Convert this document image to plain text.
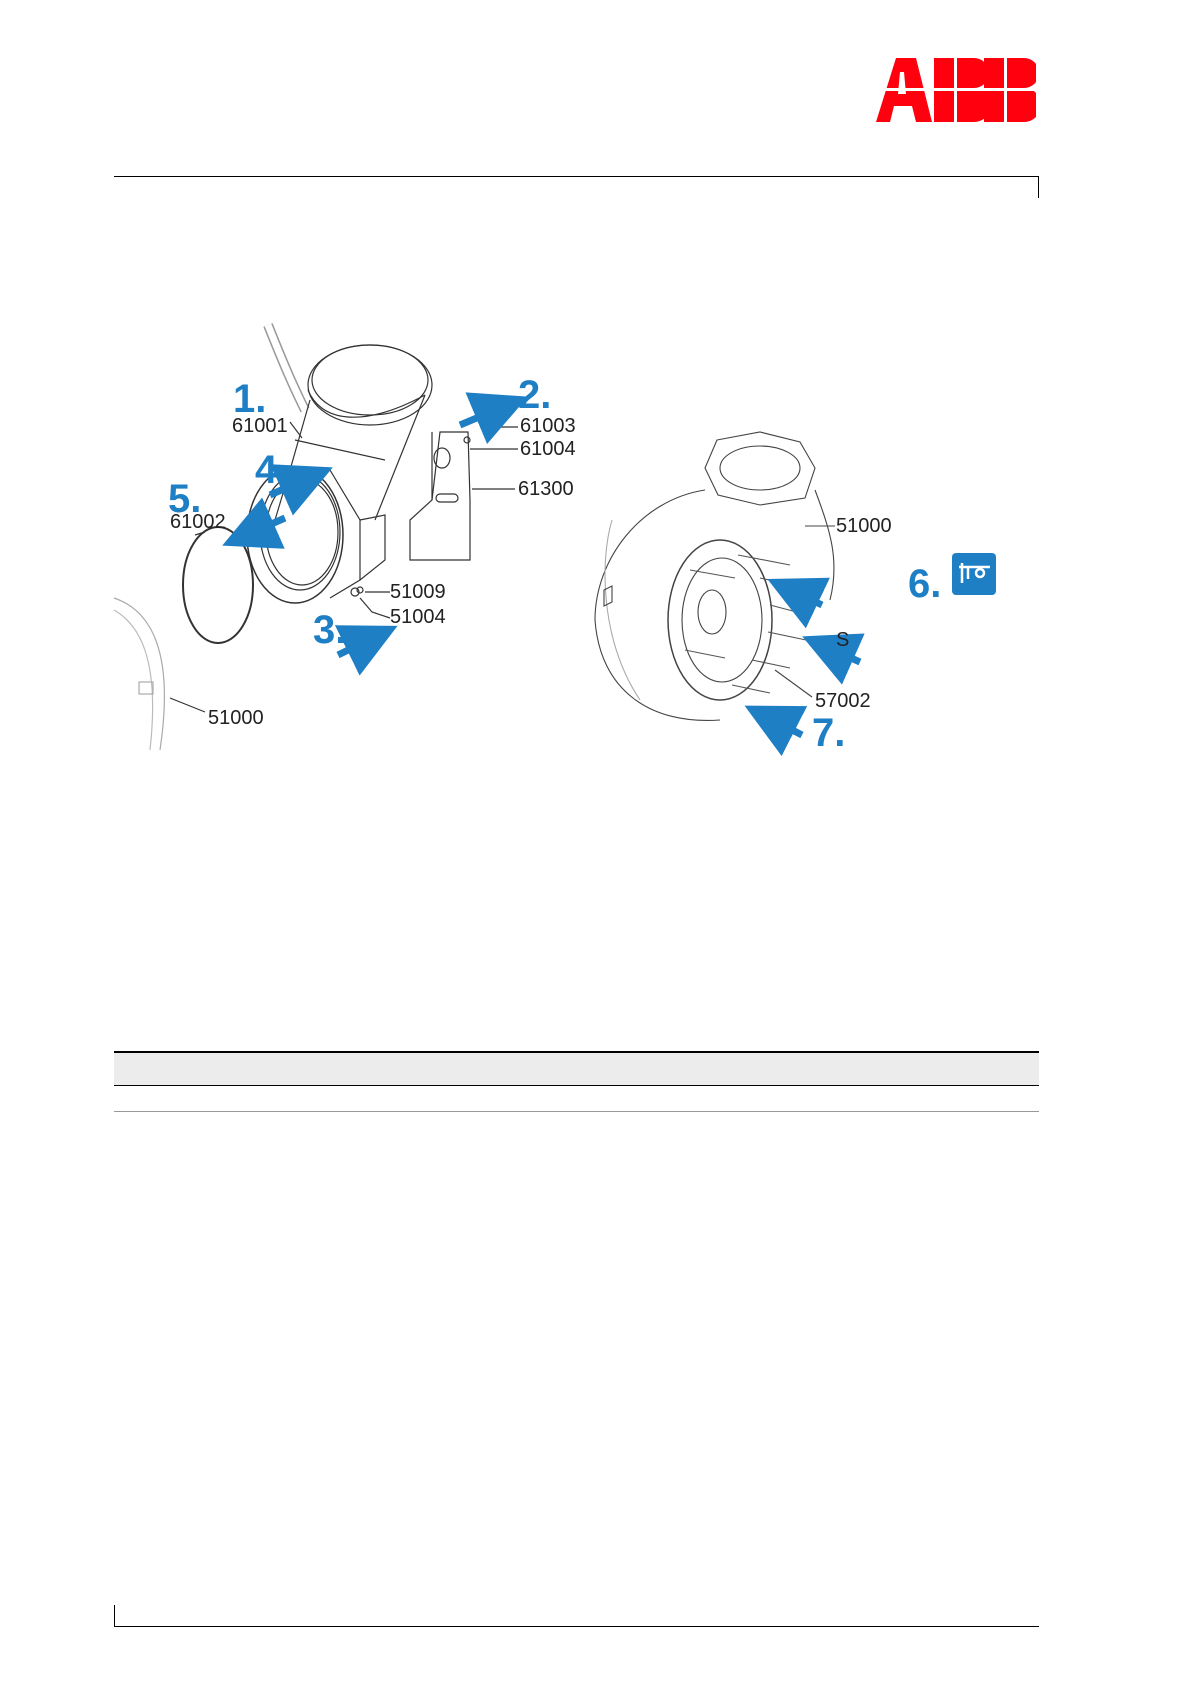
1.	2.
3.
4.
5.
6.
7.
61001	61003
61004
61300
61002
51009
51004
51000
51000
S
57002
